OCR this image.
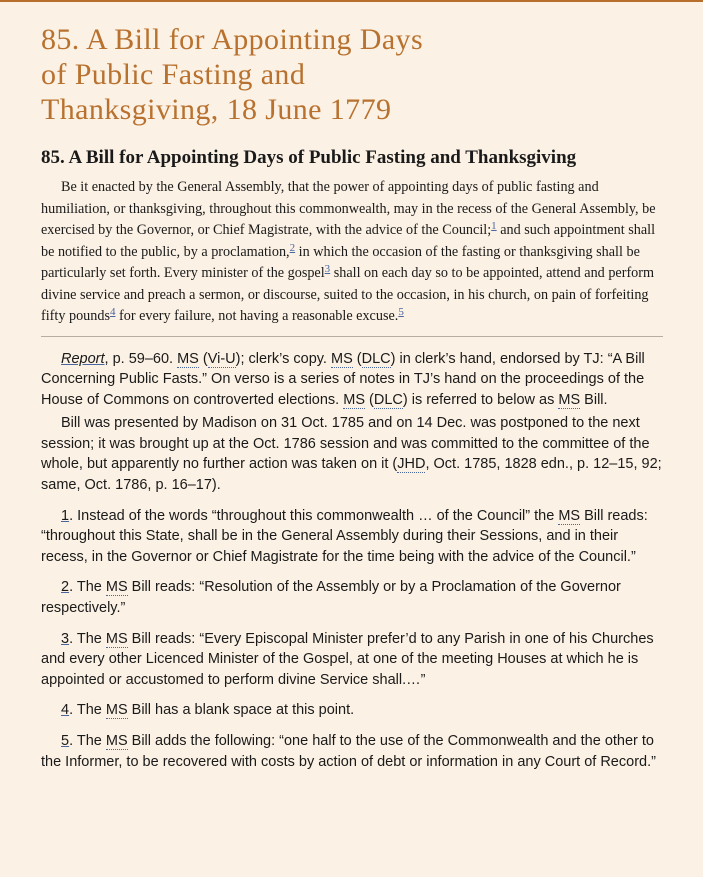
85. A Bill for Appointing Days
of Public Fasting and
Thanksgiving, 18 June 1779
85. A Bill for Appointing Days of Public Fasting and Thanksgiving

Be it enacted by the General Assembly, that the power of appointing days of public fasting and humiliation, or thanksgiving, throughout this commonwealth, may in the recess of the General Assembly, be exercised by the Governor, or Chief Magistrate, with the advice of the Council;$^1$ and such appointment shall be notified to the public, by a proclamation,$^2$ in which the occasion of the fasting or thanksgiving shall be particularly set forth. Every minister of the gospel$^3$ shall on each day so to be appointed, attend and perform divine service and preach a sermon, or discourse, suited to the occasion, in his church, on pain of forfeiting fifty pounds$^4$ for every failure, not having a reasonable excuse.$^5$

Report, p. 59–60. MS (Vi-U); clerk’s copy. MS (DLC) in clerk’s hand, endorsed by TJ: “A Bill Concerning Public Fasts.” On verso is a series of notes in TJ’s hand on the proceedings of the House of Commons on controverted elections. MS (DLC) is referred to below as MS Bill.

Bill was presented by Madison on 31 Oct. 1785 and on 14 Dec. was postponed to the next session; it was brought up at the Oct. 1786 session and was committed to the committee of the whole, but apparently no further action was taken on it (JHD, Oct. 1785, 1828 edn., p. 12–15, 92; same, Oct. 1786, p. 16–17).

1. Instead of the words “throughout this commonwealth … of the Council” the MS Bill reads: “throughout this State, shall be in the General Assembly during their Sessions, and in their recess, in the Governor or Chief Magistrate for the time being with the advice of the Council.”

2. The MS Bill reads: “Resolution of the Assembly or by a Proclamation of the Governor respectively.”

3. The MS Bill reads: “Every Episcopal Minister prefer’d to any Parish in one of his Churches and every other Licenced Minister of the Gospel, at one of the meeting Houses at which he is appointed or accustomed to perform divine Service shall.…”

4. The MS Bill has a blank space at this point.

5. The MS Bill adds the following: “one half to the use of the Commonwealth and the other to the Informer, to be recovered with costs by action of debt or information in any Court of Record.”
